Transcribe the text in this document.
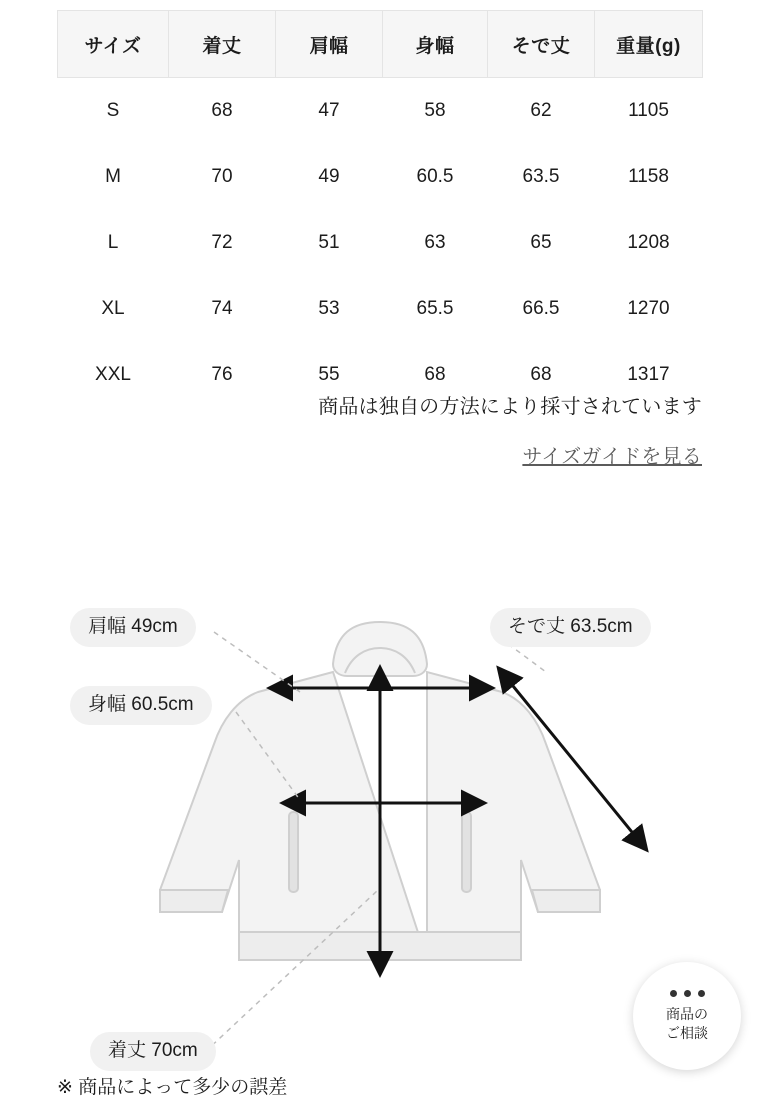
サイズ	着丈	肩幅	身幅	そで丈	重量(g)
S	68	47	58	62	1105
M	70	49	60.5	63.5	1158
L	72	51	63	65	1208
XL	74	53	65.5	66.5	1270
XXL	76	55	68	68	1317
商品は独自の方法により採寸されています
サイズガイドを見る
肩幅 49cm	そで丈 63.5cm
身幅 60.5cm
着丈 70cm
商品の
ご相談
※ 商品によって多少の誤差
